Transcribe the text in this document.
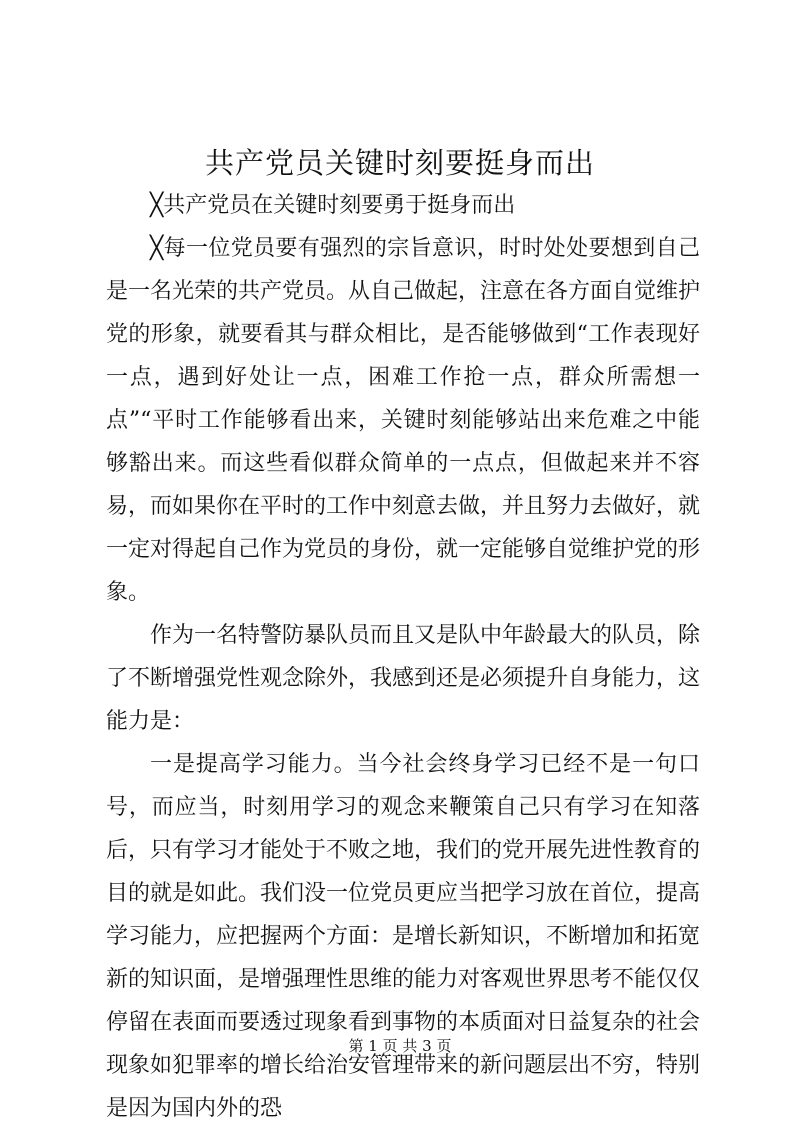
共产党员关键时刻要挺身而出

╳共产党员在关键时刻要勇于挺身而出

╳每一位党员要有强烈的宗旨意识，时时处处要想到自己是一名光荣的共产党员。从自己做起，注意在各方面自觉维护党的形象，就要看其与群众相比，是否能够做到“工作表现好一点，遇到好处让一点，困难工作抢一点，群众所需想一点”“平时工作能够看出来，关键时刻能够站出来危难之中能够豁出来。而这些看似群众简单的一点点，但做起来并不容易，而如果你在平时的工作中刻意去做，并且努力去做好，就一定对得起自己作为党员的身份，就一定能够自觉维护党的形象。

作为一名特警防暴队员而且又是队中年龄最大的队员，除了不断增强党性观念除外，我感到还是必须提升自身能力，这能力是：

一是提高学习能力。当今社会终身学习已经不是一句口号，而应当，时刻用学习的观念来鞭策自己只有学习在知落后，只有学习才能处于不败之地，我们的党开展先进性教育的目的就是如此。我们没一位党员更应当把学习放在首位，提高学习能力，应把握两个方面：是增长新知识，不断增加和拓宽新的知识面，是增强理性思维的能力对客观世界思考不能仅仅停留在表面而要透过现象看到事物的本质面对日益复杂的社会现象如犯罪率的增长给治安管理带来的新问题层出不穷，特别是因为国内外的恐

第 1 页 共 3 页
